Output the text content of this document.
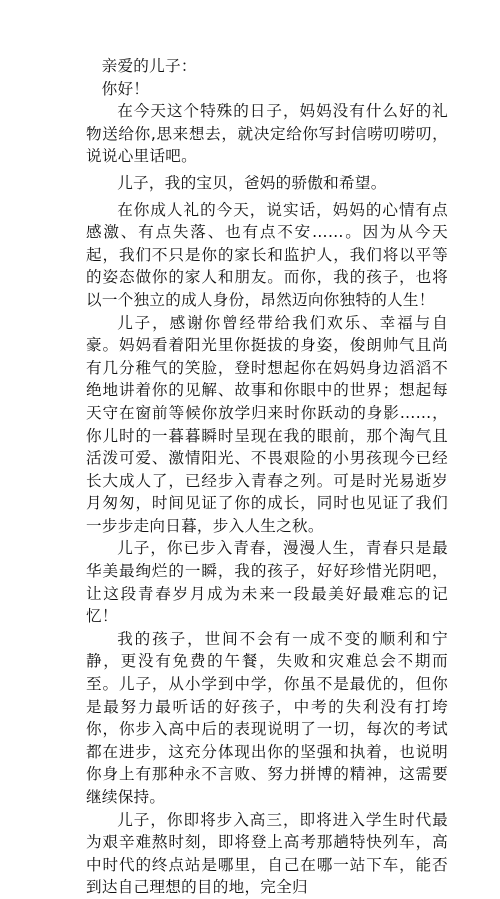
亲爱的儿子：

你好！

在今天这个特殊的日子，妈妈没有什么好的礼物送给你,思来想去，就决定给你写封信唠叨唠叨，说说心里话吧。

儿子，我的宝贝，爸妈的骄傲和希望。

在你成人礼的今天，说实话，妈妈的心情有点感激、有点失落、也有点不安……。因为从今天起，我们不只是你的家长和监护人，我们将以平等的姿态做你的家人和朋友。而你，我的孩子，也将以一个独立的成人身份，昂然迈向你独特的人生！

儿子，感谢你曾经带给我们欢乐、幸福与自豪。妈妈看着阳光里你挺拔的身姿，俊朗帅气且尚有几分稚气的笑脸，登时想起你在妈妈身边滔滔不绝地讲着你的见解、故事和你眼中的世界；想起每天守在窗前等候你放学归来时你跃动的身影……，你儿时的一暮暮瞬时呈现在我的眼前，那个淘气且活泼可爱、激情阳光、不畏艰险的小男孩现今已经长大成人了，已经步入青春之列。可是时光易逝岁月匆匆，时间见证了你的成长，同时也见证了我们一步步走向日暮，步入人生之秋。

儿子，你已步入青春，漫漫人生，青春只是最华美最绚烂的一瞬，我的孩子，好好珍惜光阴吧，让这段青春岁月成为未来一段最美好最难忘的记忆！

我的孩子，世间不会有一成不变的顺利和宁静，更没有免费的午餐，失败和灾难总会不期而至。儿子，从小学到中学，你虽不是最优的，但你是最努力最听话的好孩子，中考的失利没有打垮你，你步入高中后的表现说明了一切，每次的考试都在进步，这充分体现出你的坚强和执着，也说明你身上有那种永不言败、努力拼博的精神，这需要继续保持。

儿子，你即将步入高三，即将进入学生时代最为艰辛难熬时刻，即将登上高考那趟特快列车，高中时代的终点站是哪里，自己在哪一站下车，能否到达自己理想的目的地，完全归
